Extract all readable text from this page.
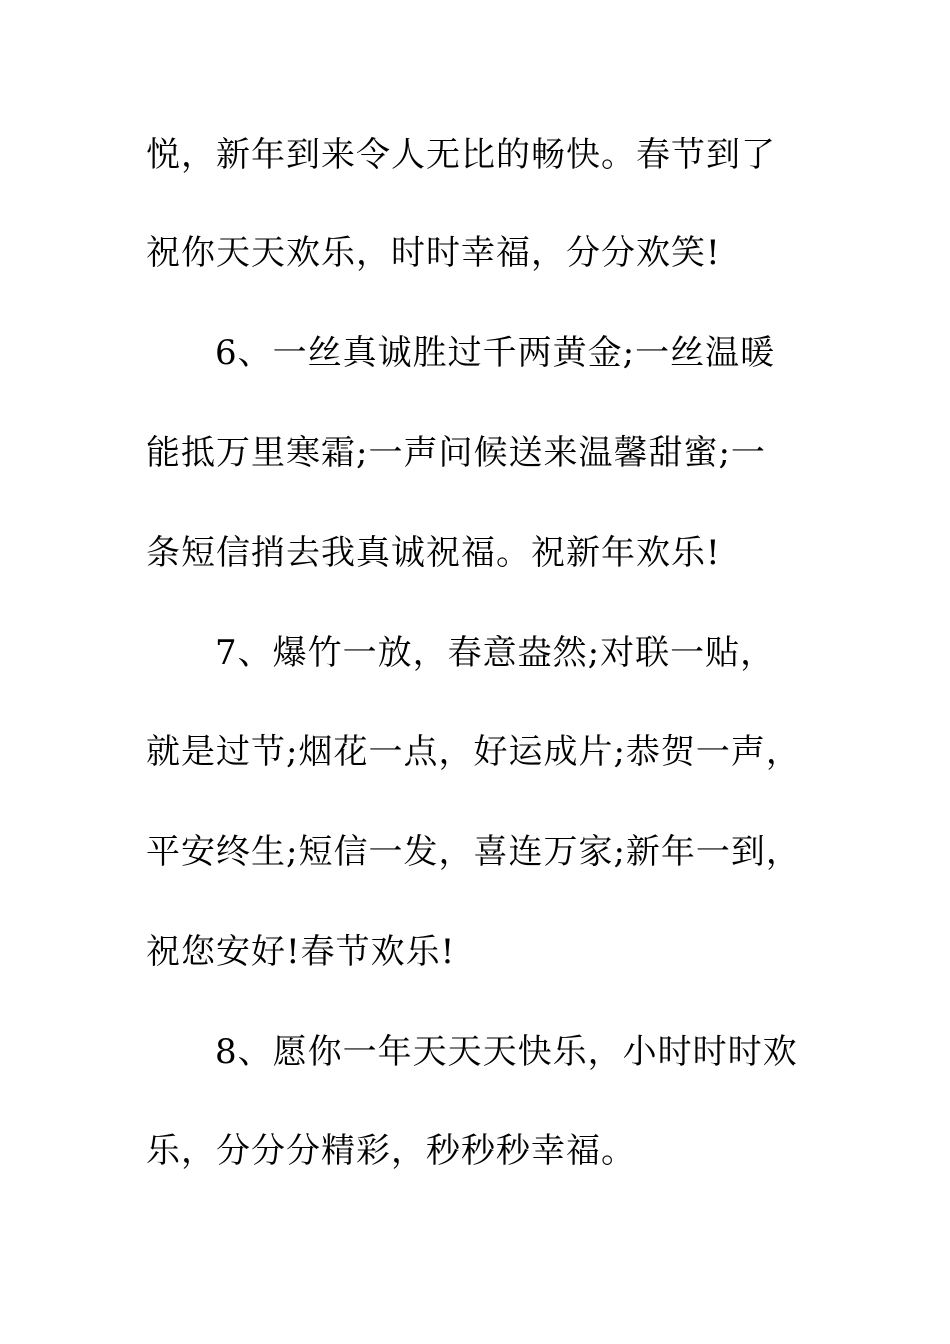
悦，新年到来令人无比的畅快。春节到了
祝你天天欢乐，时时幸福，分分欢笑!
6、一丝真诚胜过千两黄金;一丝温暖
能抵万里寒霜;一声问候送来温馨甜蜜;一
条短信捎去我真诚祝福。祝新年欢乐!
7、爆竹一放，春意盎然;对联一贴，
就是过节;烟花一点，好运成片;恭贺一声，
平安终生;短信一发，喜连万家;新年一到，
祝您安好!春节欢乐!
8、愿你一年天天天快乐，小时时时欢
乐，分分分精彩，秒秒秒幸福。
